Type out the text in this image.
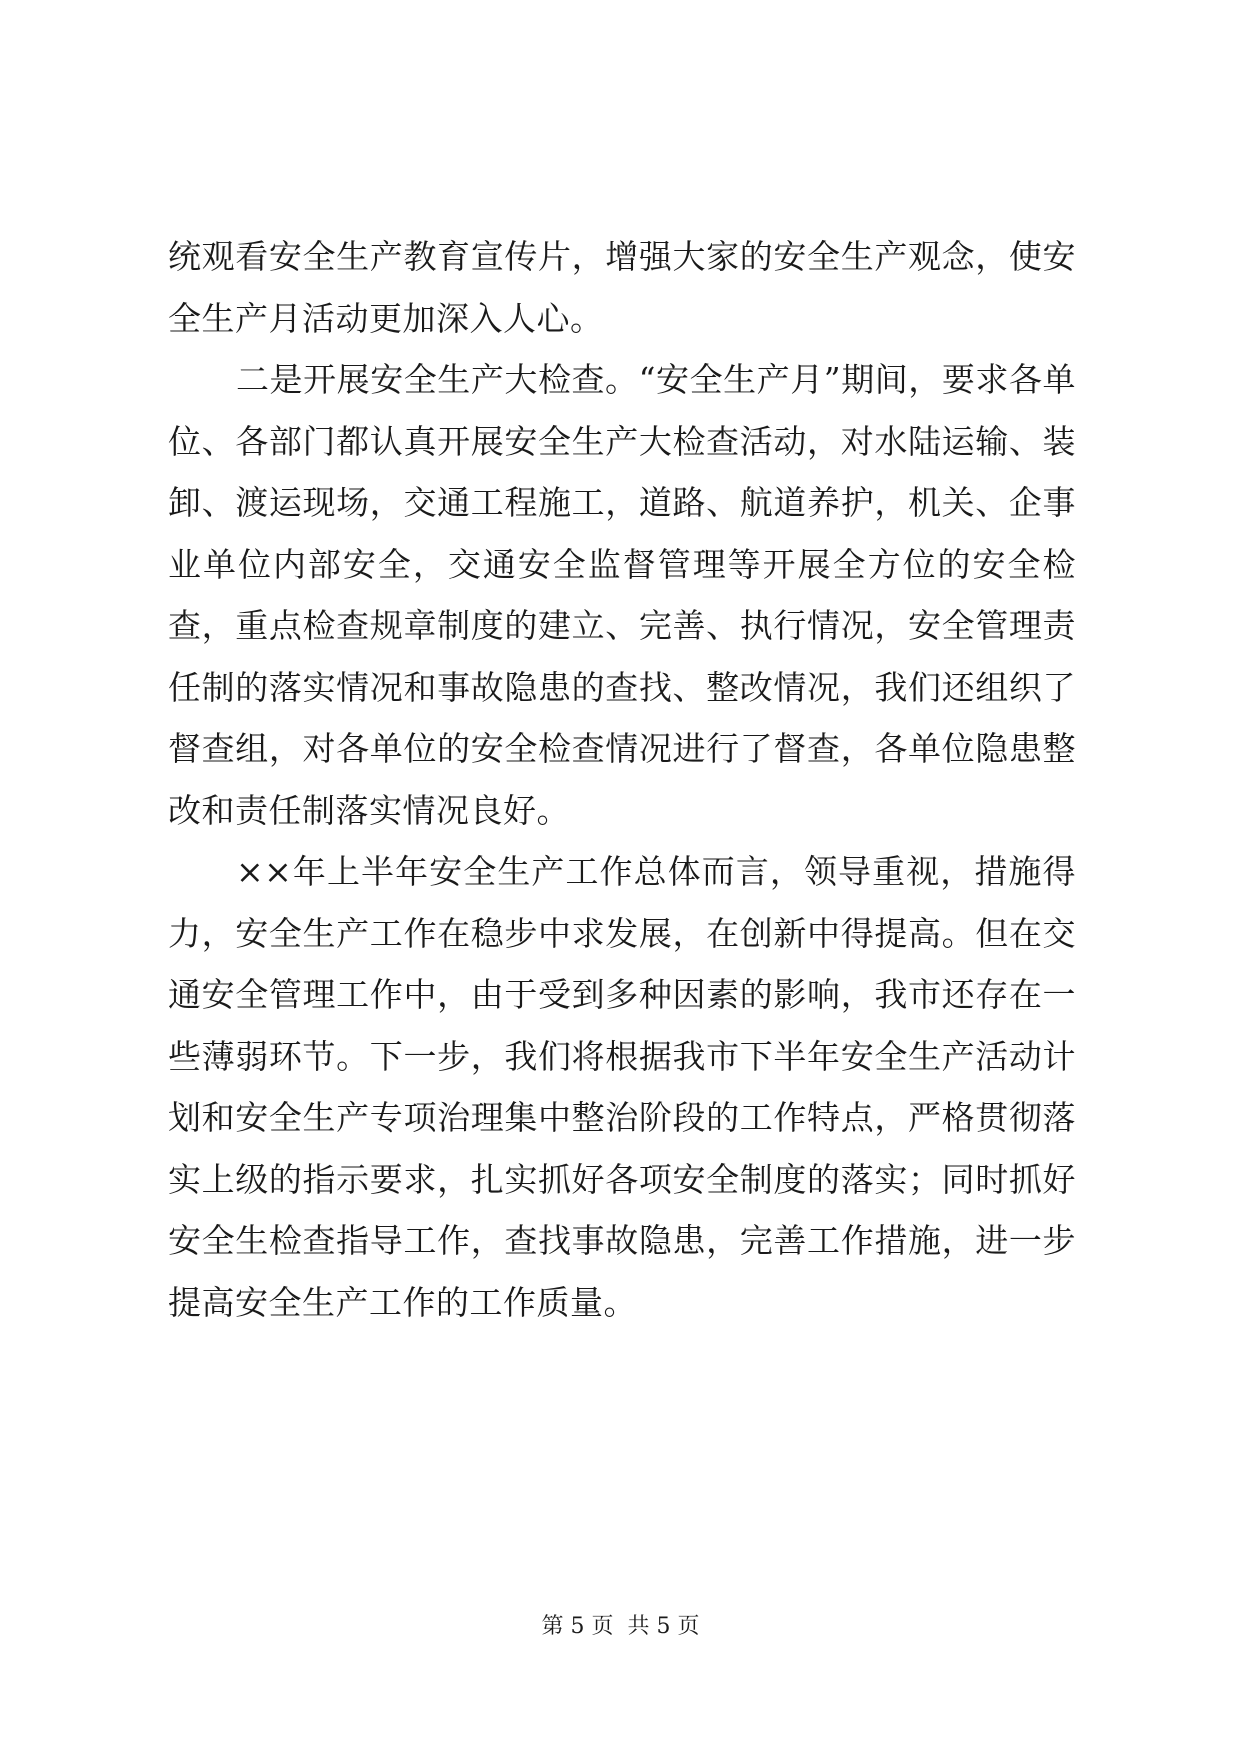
统观看安全生产教育宣传片，增强大家的安全生产观念，使安全生产月活动更加深入人心。

二是开展安全生产大检查。“安全生产月”期间，要求各单位、各部门都认真开展安全生产大检查活动，对水陆运输、装卸、渡运现场，交通工程施工，道路、航道养护，机关、企事业单位内部安全，交通安全监督管理等开展全方位的安全检查，重点检查规章制度的建立、完善、执行情况，安全管理责任制的落实情况和事故隐患的查找、整改情况，我们还组织了督查组，对各单位的安全检查情况进行了督查，各单位隐患整改和责任制落实情况良好。

××年上半年安全生产工作总体而言，领导重视，措施得力，安全生产工作在稳步中求发展，在创新中得提高。但在交通安全管理工作中，由于受到多种因素的影响，我市还存在一些薄弱环节。下一步，我们将根据我市下半年安全生产活动计划和安全生产专项治理集中整治阶段的工作特点，严格贯彻落实上级的指示要求，扎实抓好各项安全制度的落实；同时抓好安全生检查指导工作，查找事故隐患，完善工作措施，进一步提高安全生产工作的工作质量。

第 5 页  共 5 页
